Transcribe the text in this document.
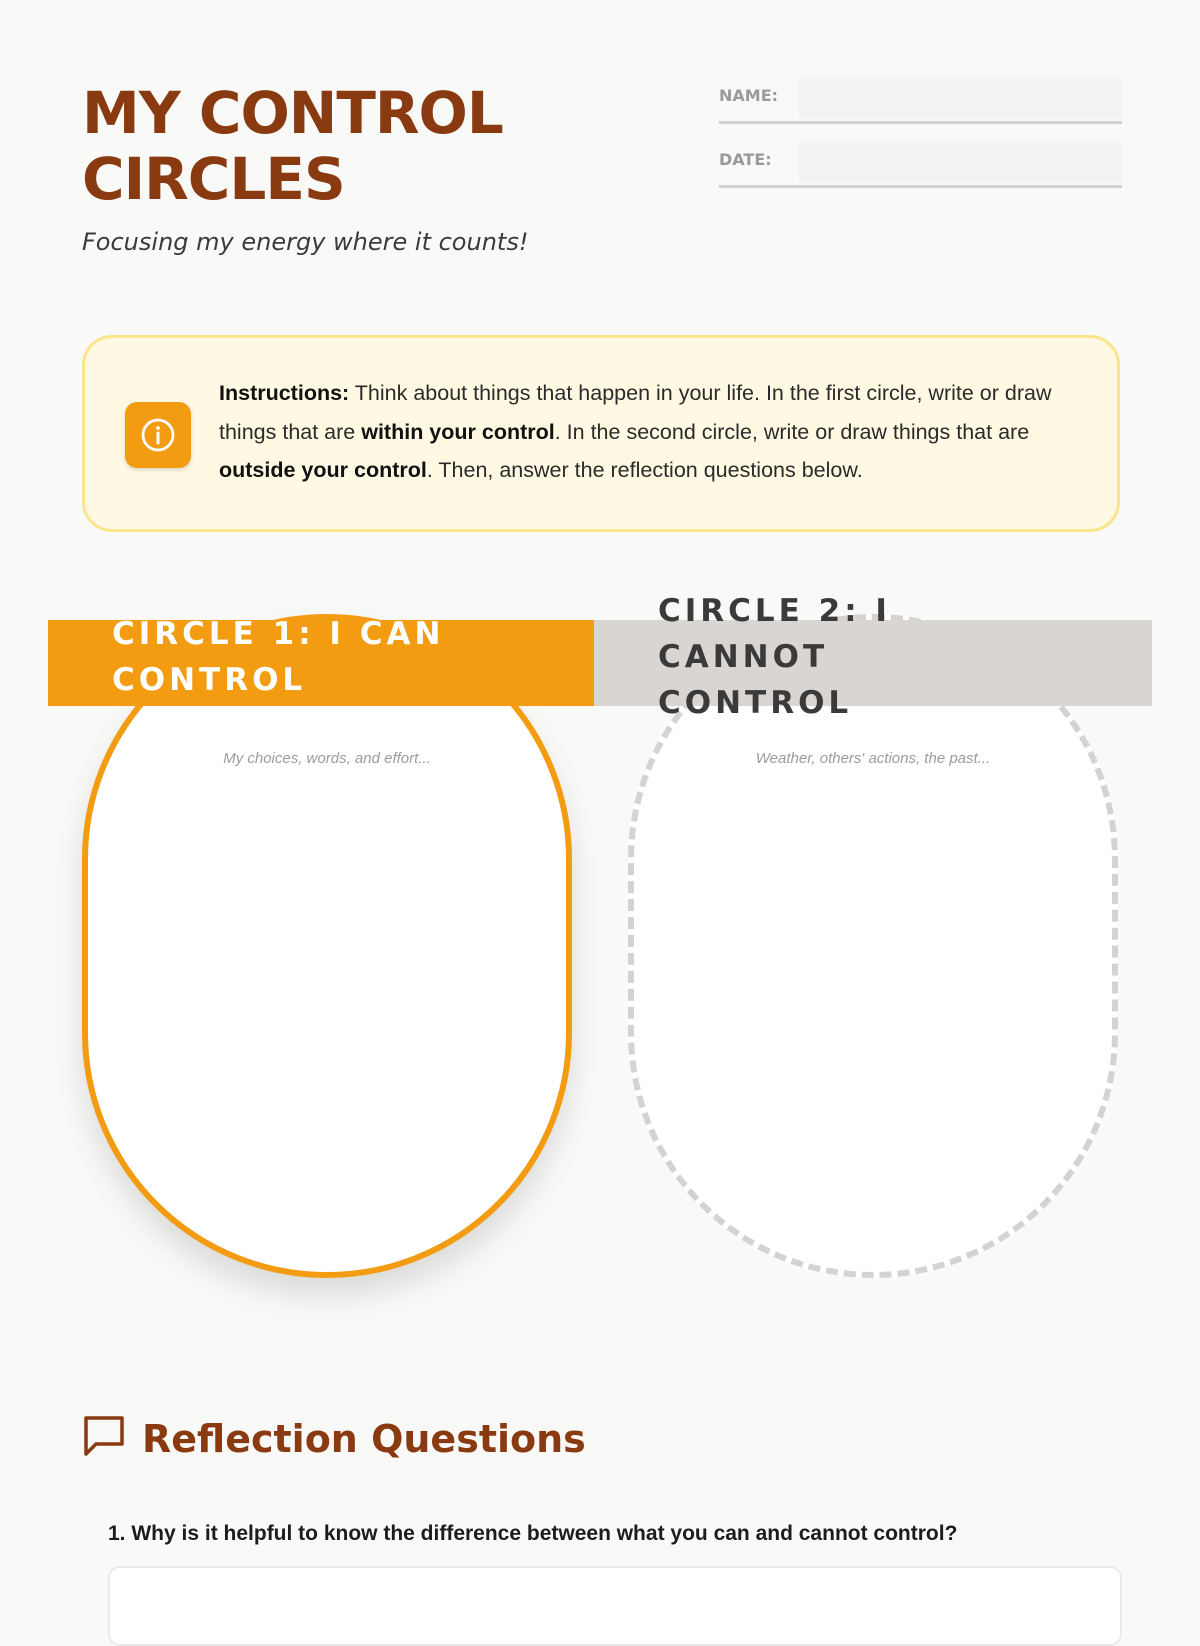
MY CONTROL CIRCLES

Focusing my energy where it counts!

NAME:
DATE:

Instructions: Think about things that happen in your life. In the first circle, write or draw things that are within your control. In the second circle, write or draw things that are outside your control. Then, answer the reflection questions below.

CIRCLE 1: I CAN CONTROL
My choices, words, and effort...
CIRCLE 2: I CANNOT CONTROL
Weather, others' actions, the past...
Reflection Questions

1. Why is it helpful to know the difference between what you can and cannot control?
